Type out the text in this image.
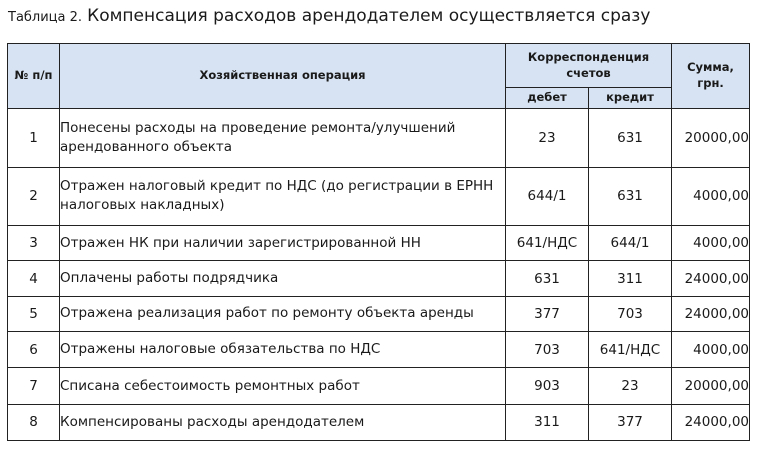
Таблица 2. Компенсация расходов арендодателем осуществляется сразу
№ п/п	Хозяйственная операция	Корреспонденция счетов		Сумма, грн.
		дебет	кредит	
1	Понесены расходы на проведение ремонта/улучшений арендованного объекта	23	631	20000,00
2	Отражен налоговый кредит по НДС (до регистрации в ЕРНН налоговых накладных)	644/1	631	4000,00
3	Отражен НК при наличии зарегистрированной НН	641/НДС	644/1	4000,00
4	Оплачены работы подрядчика	631	311	24000,00
5	Отражена реализация работ по ремонту объекта аренды	377	703	24000,00
6	Отражены налоговые обязательства по НДС	703	641/НДС	4000,00
7	Списана себестоимость ремонтных работ	903	23	20000,00
8	Компенсированы расходы арендодателем	311	377	24000,00
